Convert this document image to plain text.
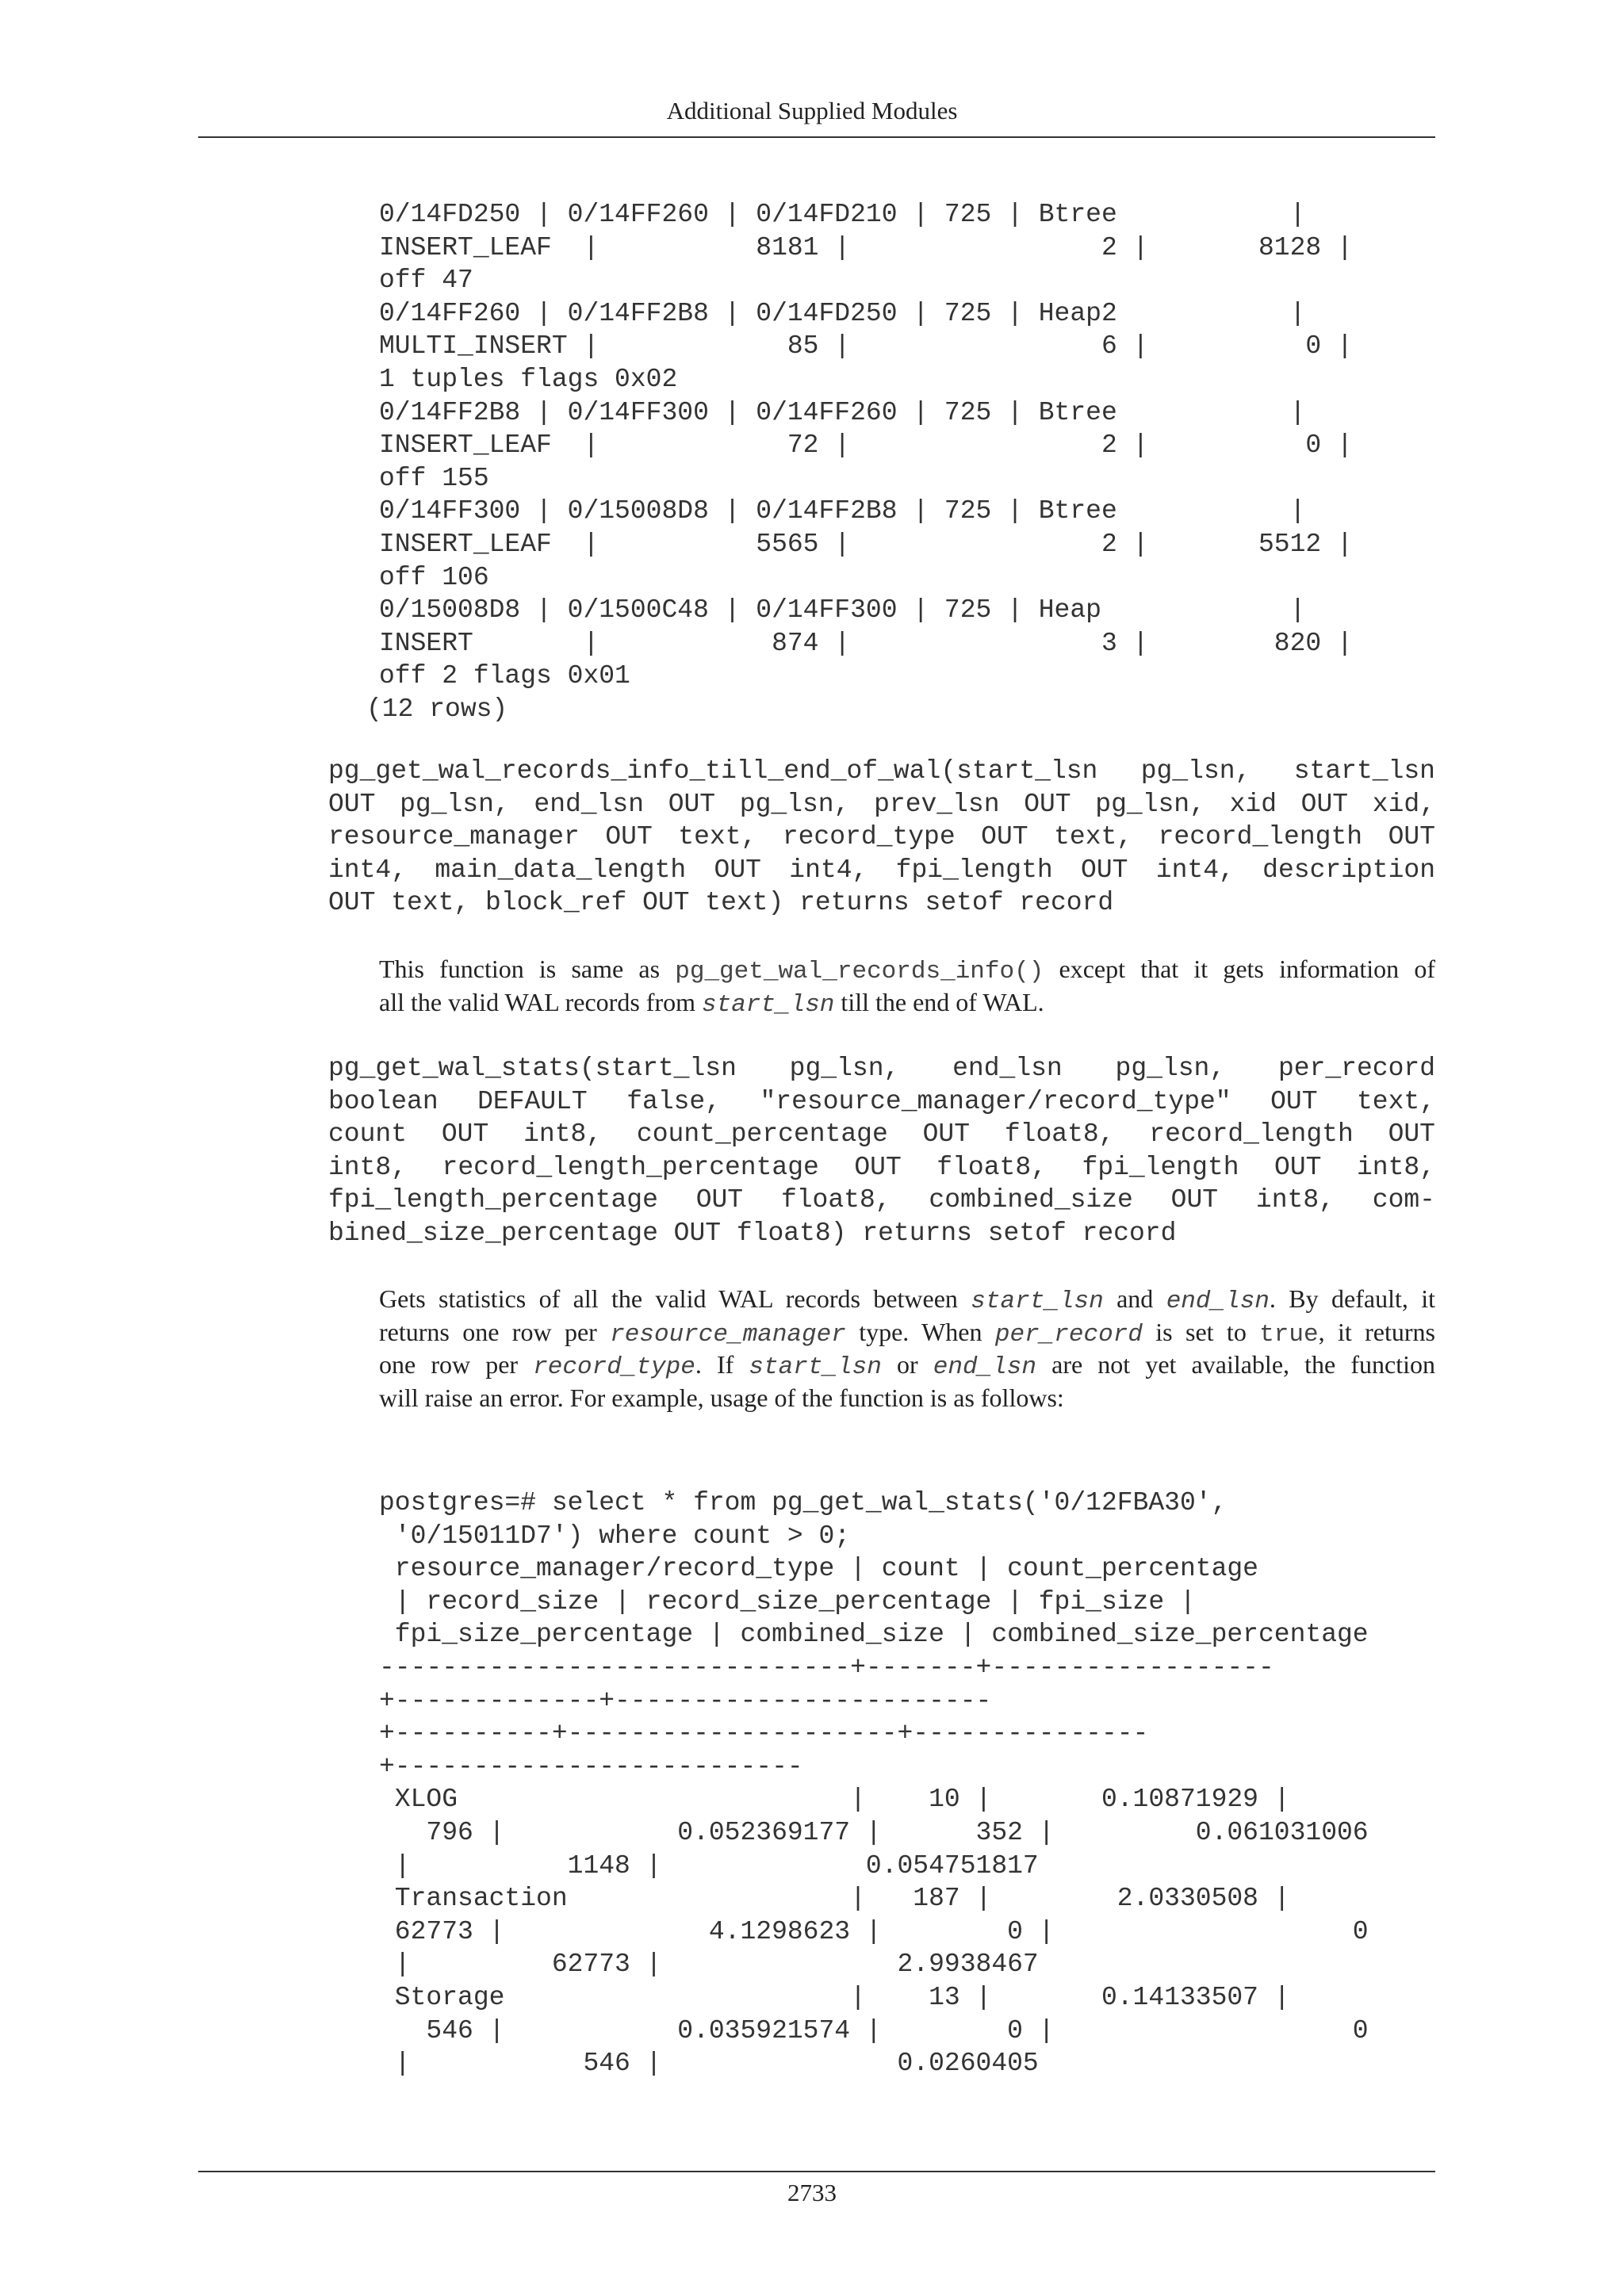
Additional Supplied Modules
0/14FD250 | 0/14FF260 | 0/14FD210 | 725 | Btree           |
INSERT_LEAF  |          8181 |                2 |       8128 |
off 47
0/14FF260 | 0/14FF2B8 | 0/14FD250 | 725 | Heap2           |
MULTI_INSERT |            85 |                6 |          0 |
1 tuples flags 0x02
0/14FF2B8 | 0/14FF300 | 0/14FF260 | 725 | Btree           |
INSERT_LEAF  |            72 |                2 |          0 |
off 155
0/14FF300 | 0/15008D8 | 0/14FF2B8 | 725 | Btree           |
INSERT_LEAF  |          5565 |                2 |       5512 |
off 106
0/15008D8 | 0/1500C48 | 0/14FF300 | 725 | Heap            |
INSERT       |           874 |                3 |        820 |
off 2 flags 0x01
(12 rows)
pg_get_wal_records_info_till_end_of_wal(start_lsn pg_lsn, start_lsn
OUT pg_lsn, end_lsn OUT pg_lsn, prev_lsn OUT pg_lsn, xid OUT xid,
resource_manager OUT text, record_type OUT text, record_length OUT
int4, main_data_length OUT int4, fpi_length OUT int4, description
OUT text, block_ref OUT text) returns setof record
This function is same as pg_get_wal_records_info() except that it gets information of
all the valid WAL records from start_lsn till the end of WAL.
pg_get_wal_stats(start_lsn pg_lsn, end_lsn pg_lsn, per_record
boolean DEFAULT false, "resource_manager/record_type" OUT text,
count OUT int8, count_percentage OUT float8, record_length OUT
int8, record_length_percentage OUT float8, fpi_length OUT int8,
fpi_length_percentage OUT float8, combined_size OUT int8, com-
bined_size_percentage OUT float8) returns setof record
Gets statistics of all the valid WAL records between start_lsn and end_lsn. By default, it
returns one row per resource_manager type. When per_record is set to true, it returns
one row per record_type. If start_lsn or end_lsn are not yet available, the function
will raise an error. For example, usage of the function is as follows:
postgres=# select * from pg_get_wal_stats('0/12FBA30',
'0/15011D7') where count > 0;
resource_manager/record_type | count | count_percentage
| record_size | record_size_percentage | fpi_size |
fpi_size_percentage | combined_size | combined_size_percentage
------------------------------+-------+------------------
+-------------+------------------------
+----------+---------------------+---------------
+--------------------------
XLOG                         |    10 |       0.10871929 |
796 |           0.052369177 |      352 |         0.061031006
|          1148 |             0.054751817
Transaction                  |   187 |        2.0330508 |
62773 |             4.1298623 |        0 |                   0
|         62773 |               2.9938467
Storage                      |    13 |       0.14133507 |
546 |           0.035921574 |        0 |                   0
|           546 |               0.0260405
2733
